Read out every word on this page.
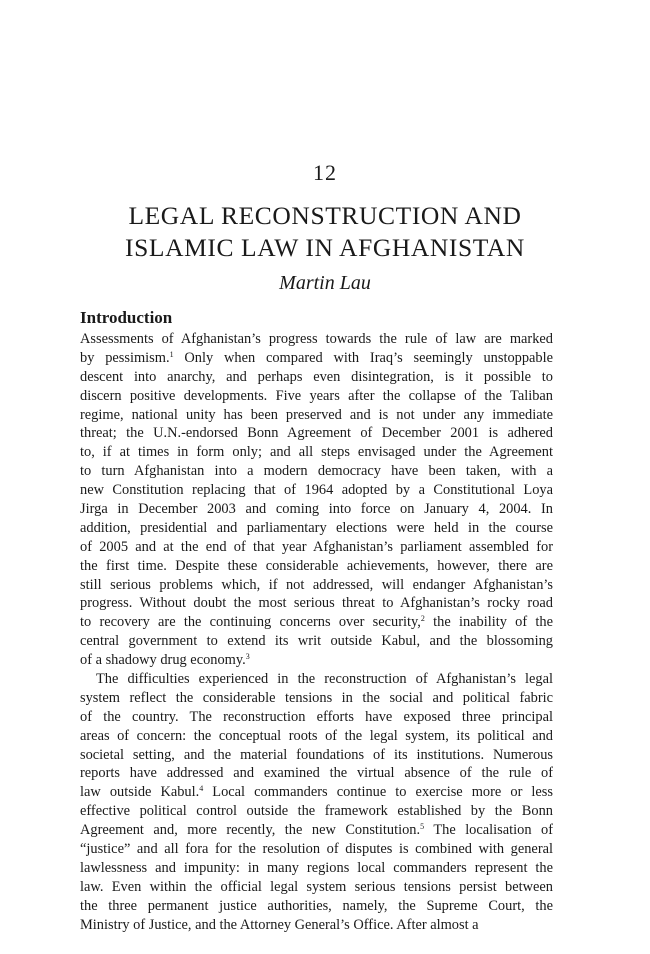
12
LEGAL RECONSTRUCTION AND
ISLAMIC LAW IN AFGHANISTAN
Martin Lau
Introduction
Assessments of Afghanistan’s progress towards the rule of law are marked
by pessimism.$^1$ Only when compared with Iraq’s seemingly unstoppable
descent into anarchy, and perhaps even disintegration, is it possible to
discern positive developments. Five years after the collapse of the Taliban
regime, national unity has been preserved and is not under any immediate
threat; the U.N.-endorsed Bonn Agreement of December 2001 is adhered
to, if at times in form only; and all steps envisaged under the Agreement
to turn Afghanistan into a modern democracy have been taken, with a
new Constitution replacing that of 1964 adopted by a Constitutional Loya
Jirga in December 2003 and coming into force on January 4, 2004. In
addition, presidential and parliamentary elections were held in the course
of 2005 and at the end of that year Afghanistan’s parliament assembled for
the first time. Despite these considerable achievements, however, there are
still serious problems which, if not addressed, will endanger Afghanistan’s
progress. Without doubt the most serious threat to Afghanistan’s rocky road
to recovery are the continuing concerns over security,$^2$ the inability of the
central government to extend its writ outside Kabul, and the blossoming
of a shadowy drug economy.$^3$
The difficulties experienced in the reconstruction of Afghanistan’s legal
system reflect the considerable tensions in the social and political fabric
of the country. The reconstruction efforts have exposed three principal
areas of concern: the conceptual roots of the legal system, its political and
societal setting, and the material foundations of its institutions. Numerous
reports have addressed and examined the virtual absence of the rule of
law outside Kabul.$^4$ Local commanders continue to exercise more or less
effective political control outside the framework established by the Bonn
Agreement and, more recently, the new Constitution.$^5$ The localisation of
“justice” and all fora for the resolution of disputes is combined with general
lawlessness and impunity: in many regions local commanders represent the
law. Even within the official legal system serious tensions persist between
the three permanent justice authorities, namely, the Supreme Court, the
Ministry of Justice, and the Attorney General’s Office. After almost a
